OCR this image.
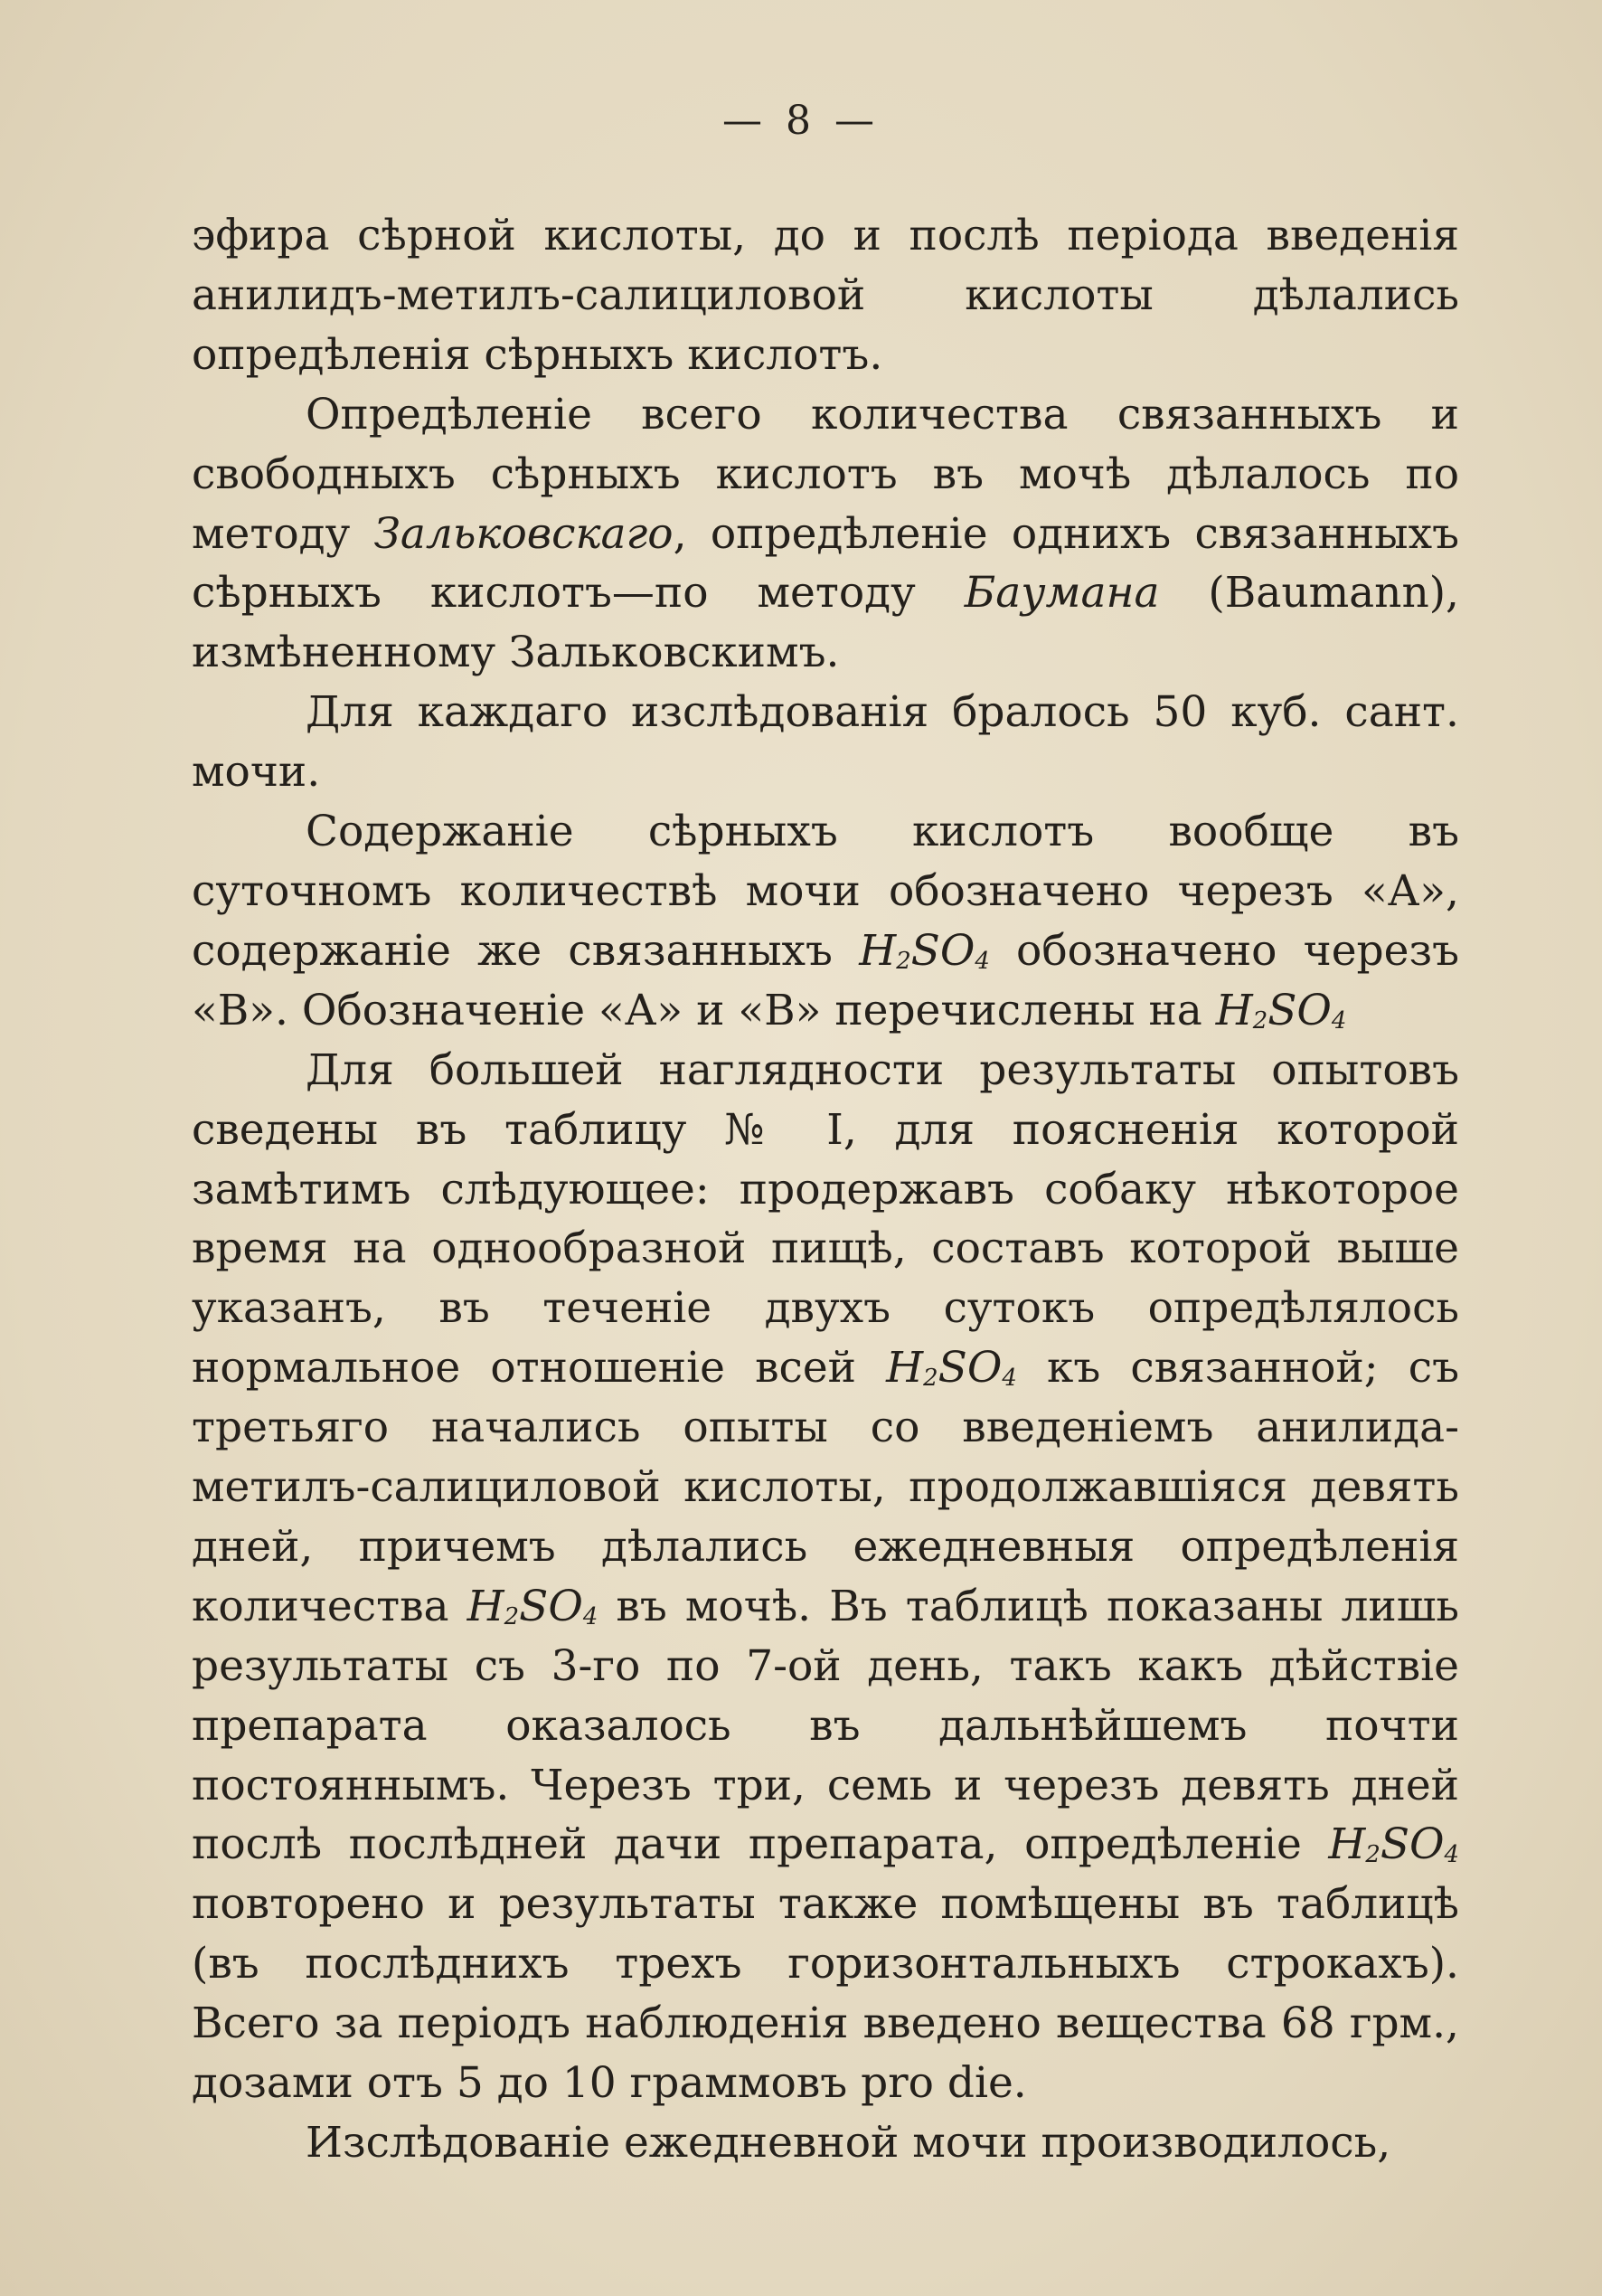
— 8 —

эфира сѣрной кислоты, до и послѣ періода введенія анилидъ-метилъ-салициловой кислоты дѣлались опредѣленія сѣрныхъ кислотъ.

Опредѣленіе всего количества связанныхъ и свободныхъ сѣрныхъ кислотъ въ мочѣ дѣлалось по методу Зальковскаго, опредѣленіе однихъ связанныхъ сѣрныхъ кислотъ—по методу Баумана (Baumann), измѣненному Зальковскимъ.

Для каждаго изслѣдованія бралось 50 куб. сант. мочи.

Содержаніе сѣрныхъ кислотъ вообще въ суточномъ количествѣ мочи обозначено черезъ «А», содержаніе же связанныхъ $H_2SO_4$ обозначено черезъ «В». Обозначеніе «А» и «В» перечислены на $H_2SO_4$

Для большей наглядности результаты опытовъ сведены въ таблицу № I, для поясненія которой замѣтимъ слѣдующее: продержавъ собаку нѣкоторое время на однообразной пищѣ, составъ которой выше указанъ, въ теченіе двухъ сутокъ опредѣлялось нормальное отношеніе всей $H_2SO_4$ къ связанной; съ третьяго начались опыты со введеніемъ анилида-метилъ-салициловой кислоты, продолжавшіяся девять дней, причемъ дѣлались ежедневныя опредѣленія количества $H_2SO_4$ въ мочѣ. Въ таблицѣ показаны лишь результаты съ 3-го по 7-ой день, такъ какъ дѣйствіе препарата оказалось въ дальнѣйшемъ почти постояннымъ. Черезъ три, семь и черезъ девять дней послѣ послѣдней дачи препарата, опредѣленіе $H_2SO_4$ повторено и результаты также помѣщены въ таблицѣ (въ послѣднихъ трехъ горизонтальныхъ строкахъ). Всего за періодъ наблюденія введено вещества 68 грм., дозами отъ 5 до 10 граммовъ pro die.

Изслѣдованіе ежедневной мочи производилось,
